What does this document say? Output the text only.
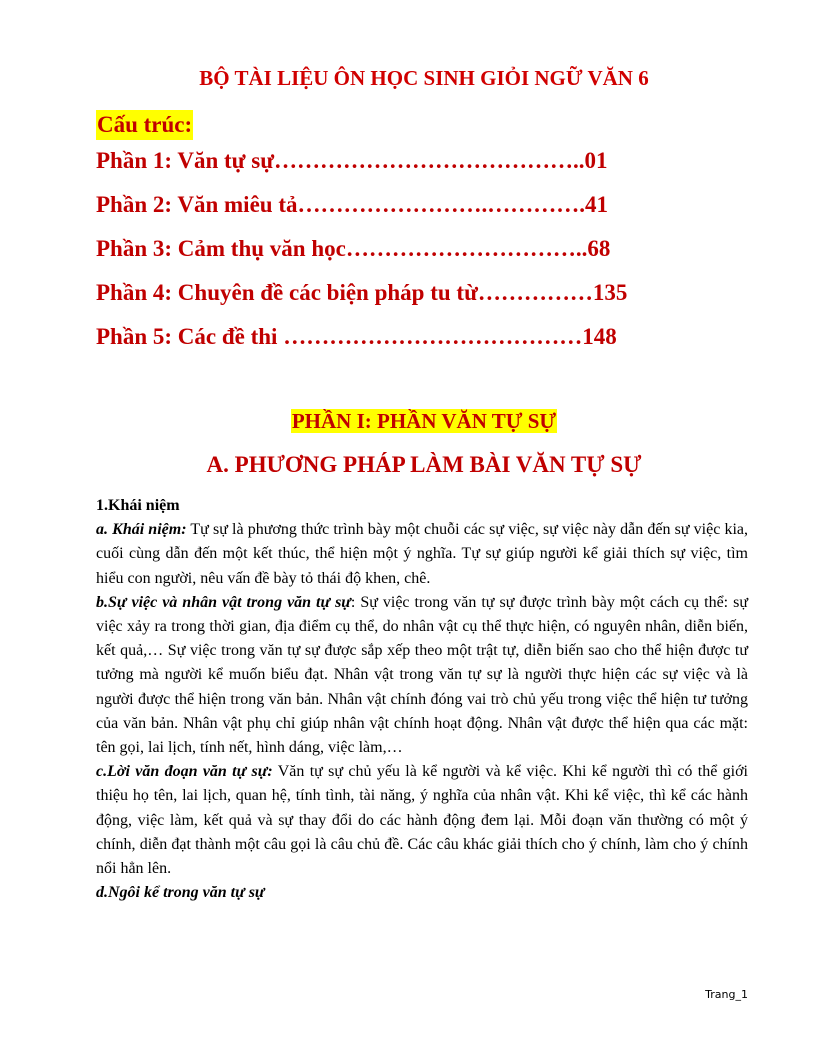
BỘ TÀI LIỆU ÔN HỌC SINH GIỎI NGỮ VĂN 6
Cấu trúc:
Phần 1: Văn tự sự…………………………………..01
Phần 2: Văn miêu tả…………………….………….41
Phần 3: Cảm thụ văn học…………………………..68
Phần 4: Chuyên đề các biện pháp tu từ……………135
Phần 5: Các đề thi …………………………………148
PHẦN I: PHẦN VĂN TỰ SỰ
A. PHƯƠNG PHÁP LÀM BÀI VĂN TỰ SỰ

1.Khái niệm

a. Khái niệm: Tự sự là phương thức trình bày một chuỗi các sự việc, sự việc này dẫn đến sự việc kia, cuối cùng dẫn đến một kết thúc, thể hiện một ý nghĩa. Tự sự giúp người kể giải thích sự việc, tìm hiểu con người, nêu vấn đề bày tỏ thái độ khen, chê.

b.Sự việc và nhân vật trong văn tự sự: Sự việc trong văn tự sự được trình bày một cách cụ thể: sự việc xảy ra trong thời gian, địa điểm cụ thể, do nhân vật cụ thể thực hiện, có nguyên nhân, diễn biến, kết quả,… Sự việc trong văn tự sự được sắp xếp theo một trật tự, diễn biến sao cho thể hiện được tư tưởng mà người kể muốn biểu đạt. Nhân vật trong văn tự sự là người thực hiện các sự việc và là người được thể hiện trong văn bản. Nhân vật chính đóng vai trò chủ yếu trong việc thể hiện tư tưởng của văn bản. Nhân vật phụ chỉ giúp nhân vật chính hoạt động. Nhân vật được thể hiện qua các mặt: tên gọi, lai lịch, tính nết, hình dáng, việc làm,…

c.Lời văn đoạn văn tự sự: Văn tự sự chủ yếu là kể người và kể việc. Khi kể người thì có thể giới thiệu họ tên, lai lịch, quan hệ, tính tình, tài năng, ý nghĩa của nhân vật. Khi kể việc, thì kể các hành động, việc làm, kết quả và sự thay đổi do các hành động đem lại. Mỗi đoạn văn thường có một ý chính, diễn đạt thành một câu gọi là câu chủ đề. Các câu khác giải thích cho ý chính, làm cho ý chính nổi hẳn lên.

d.Ngôi kể trong văn tự sự

Trang_1
